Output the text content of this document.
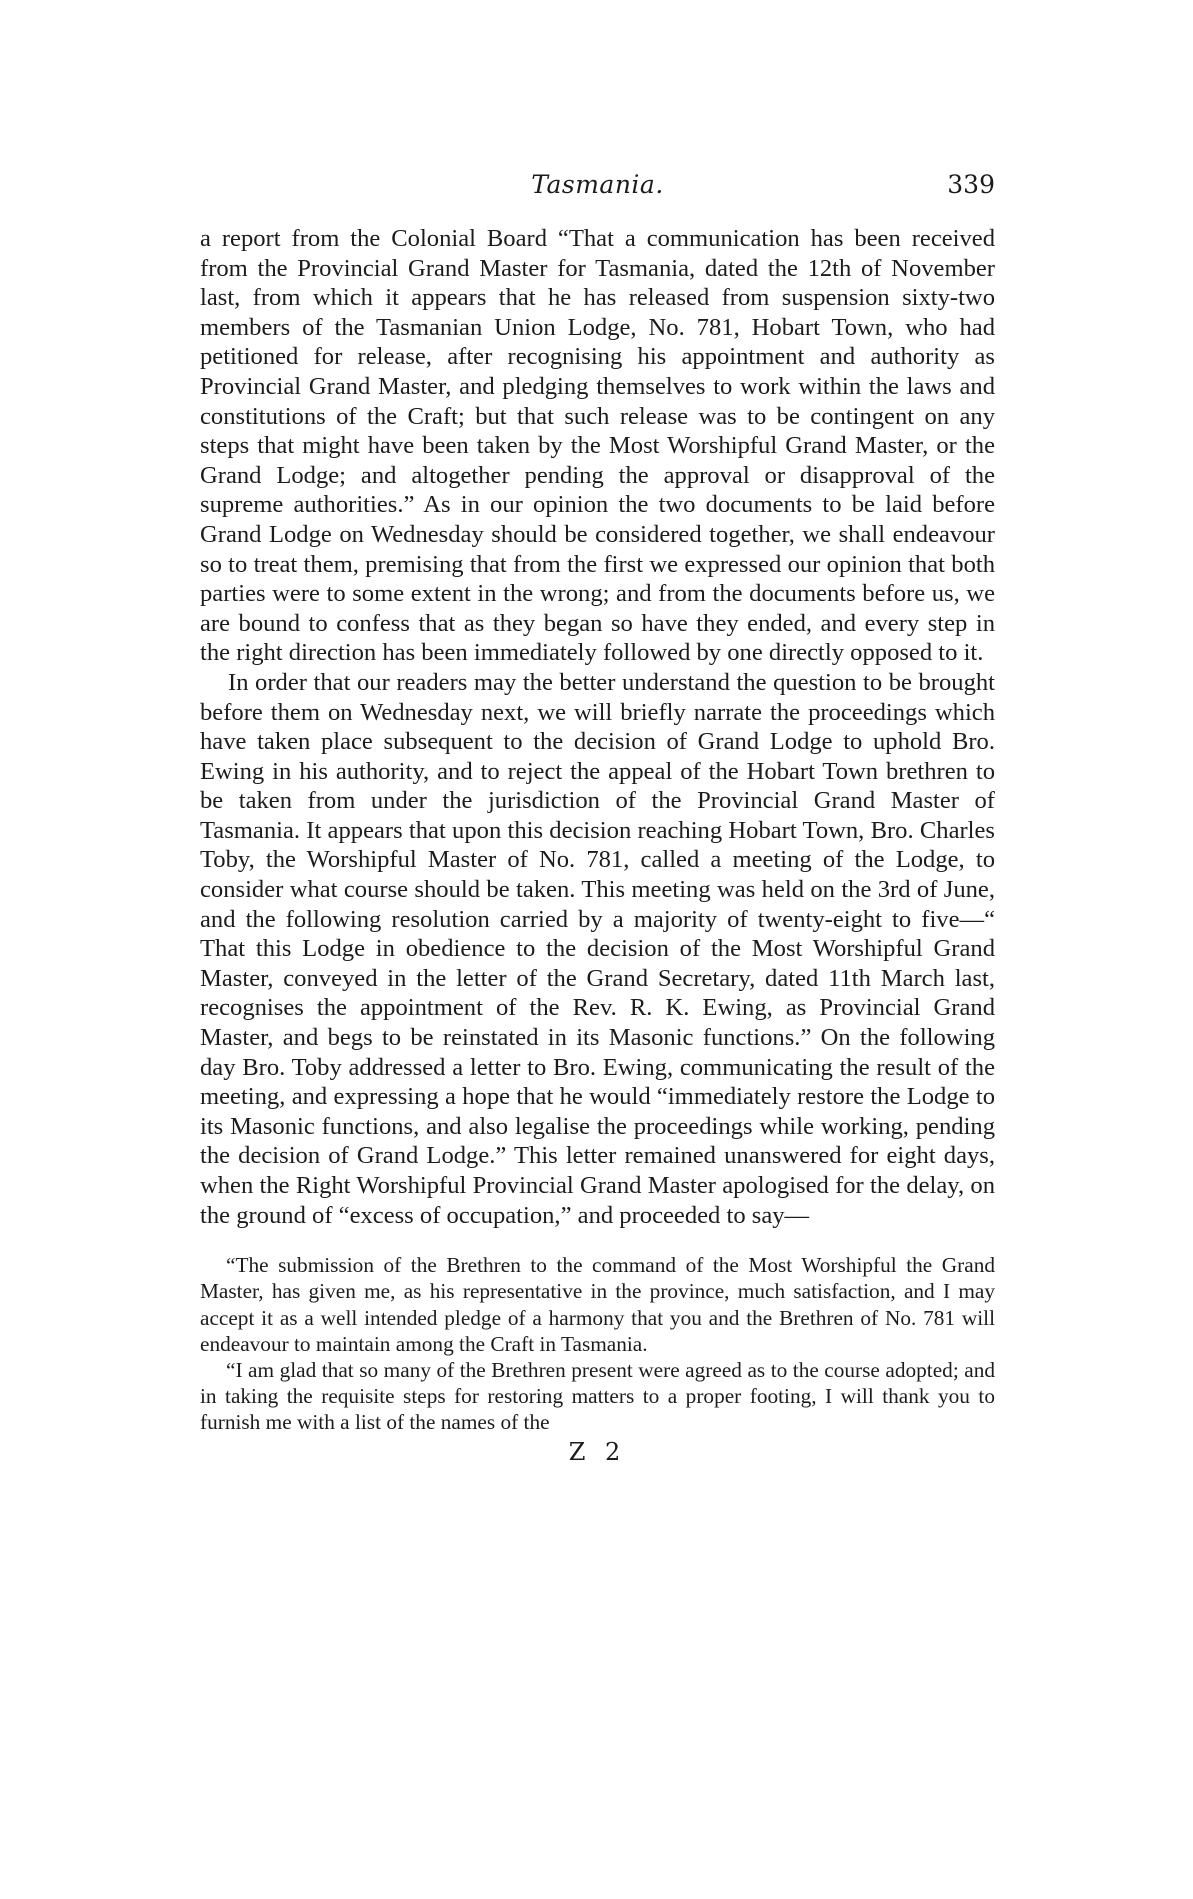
Tasmania.	339

a report from the Colonial Board “That a communication has been received from the Provincial Grand Master for Tasmania, dated the 12th of November last, from which it appears that he has released from suspension sixty-two members of the Tasmanian Union Lodge, No. 781, Hobart Town, who had petitioned for release, after recognising his appointment and authority as Provincial Grand Master, and pledging themselves to work within the laws and constitutions of the Craft; but that such release was to be contingent on any steps that might have been taken by the Most Worshipful Grand Master, or the Grand Lodge; and altogether pending the approval or disapproval of the supreme authorities.” As in our opinion the two documents to be laid before Grand Lodge on Wednesday should be considered together, we shall endeavour so to treat them, premising that from the first we expressed our opinion that both parties were to some extent in the wrong; and from the documents before us, we are bound to confess that as they began so have they ended, and every step in the right direction has been immediately followed by one directly opposed to it.

In order that our readers may the better understand the question to be brought before them on Wednesday next, we will briefly narrate the proceedings which have taken place subsequent to the decision of Grand Lodge to uphold Bro. Ewing in his authority, and to reject the appeal of the Hobart Town brethren to be taken from under the jurisdiction of the Provincial Grand Master of Tasmania. It appears that upon this decision reaching Hobart Town, Bro. Charles Toby, the Worshipful Master of No. 781, called a meeting of the Lodge, to consider what course should be taken. This meeting was held on the 3rd of June, and the following resolution carried by a majority of twenty-eight to five—“ That this Lodge in obedience to the decision of the Most Worshipful Grand Master, conveyed in the letter of the Grand Secretary, dated 11th March last, recognises the appointment of the Rev. R. K. Ewing, as Provincial Grand Master, and begs to be reinstated in its Masonic functions.” On the following day Bro. Toby addressed a letter to Bro. Ewing, communicating the result of the meeting, and expressing a hope that he would “immediately restore the Lodge to its Masonic functions, and also legalise the proceedings while working, pending the decision of Grand Lodge.” This letter remained unanswered for eight days, when the Right Worshipful Provincial Grand Master apologised for the delay, on the ground of “excess of occupation,” and proceeded to say—

“The submission of the Brethren to the command of the Most Worshipful the Grand Master, has given me, as his representative in the province, much satisfaction, and I may accept it as a well intended pledge of a harmony that you and the Brethren of No. 781 will endeavour to maintain among the Craft in Tasmania.

“I am glad that so many of the Brethren present were agreed as to the course adopted; and in taking the requisite steps for restoring matters to a proper footing, I will thank you to furnish me with a list of the names of the

Z 2
